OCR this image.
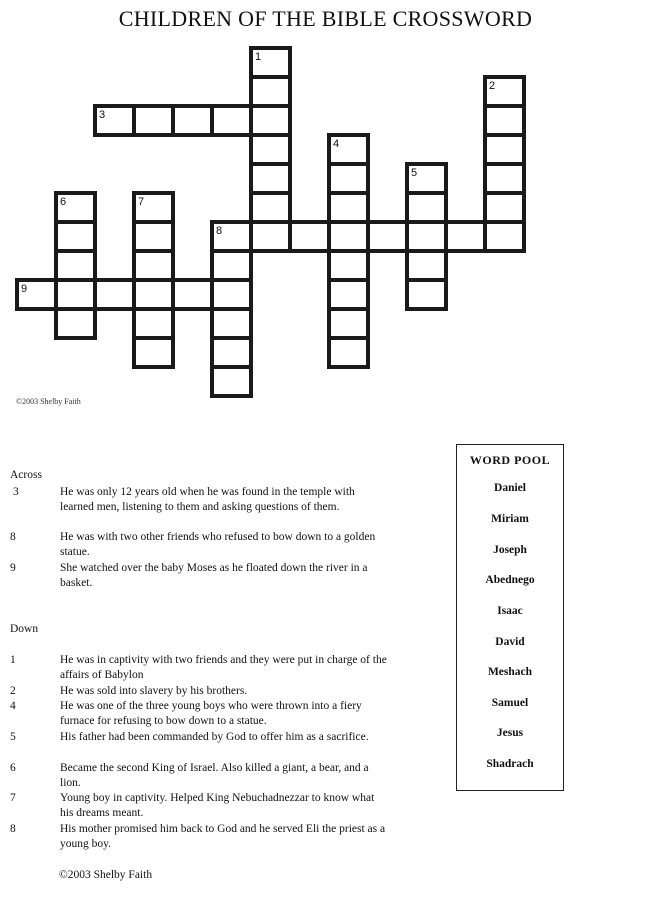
CHILDREN OF THE BIBLE CROSSWORD
1
2
3
4
5
6	7
8
9
©2003 Shelby Faith
Across
3	He was only 12 years old when he was found in the temple with learned men, listening to them and asking questions of them.
8	He was with two other friends who refused to bow down to a golden statue.
9	She watched over the baby Moses as he floated down the river in a basket.
Down
1	He was in captivity with two friends and they were put in charge of the affairs of Babylon
2	He was sold into slavery by his brothers.
4	He was one of the three young boys who were thrown into a fiery furnace for refusing to bow down to a statue.
5	His father had been commanded by God to offer him as a sacrifice.
6	Became the second King of Israel. Also killed a giant, a bear, and a lion.
7	Young boy in captivity. Helped King Nebuchadnezzar to know what his dreams meant.
8	His mother promised him back to God and he served Eli the priest as a young boy.
WORD POOL
Daniel
Miriam
Joseph
Abednego
Isaac
David
Meshach
Samuel
Jesus
Shadrach
©2003 Shelby Faith
